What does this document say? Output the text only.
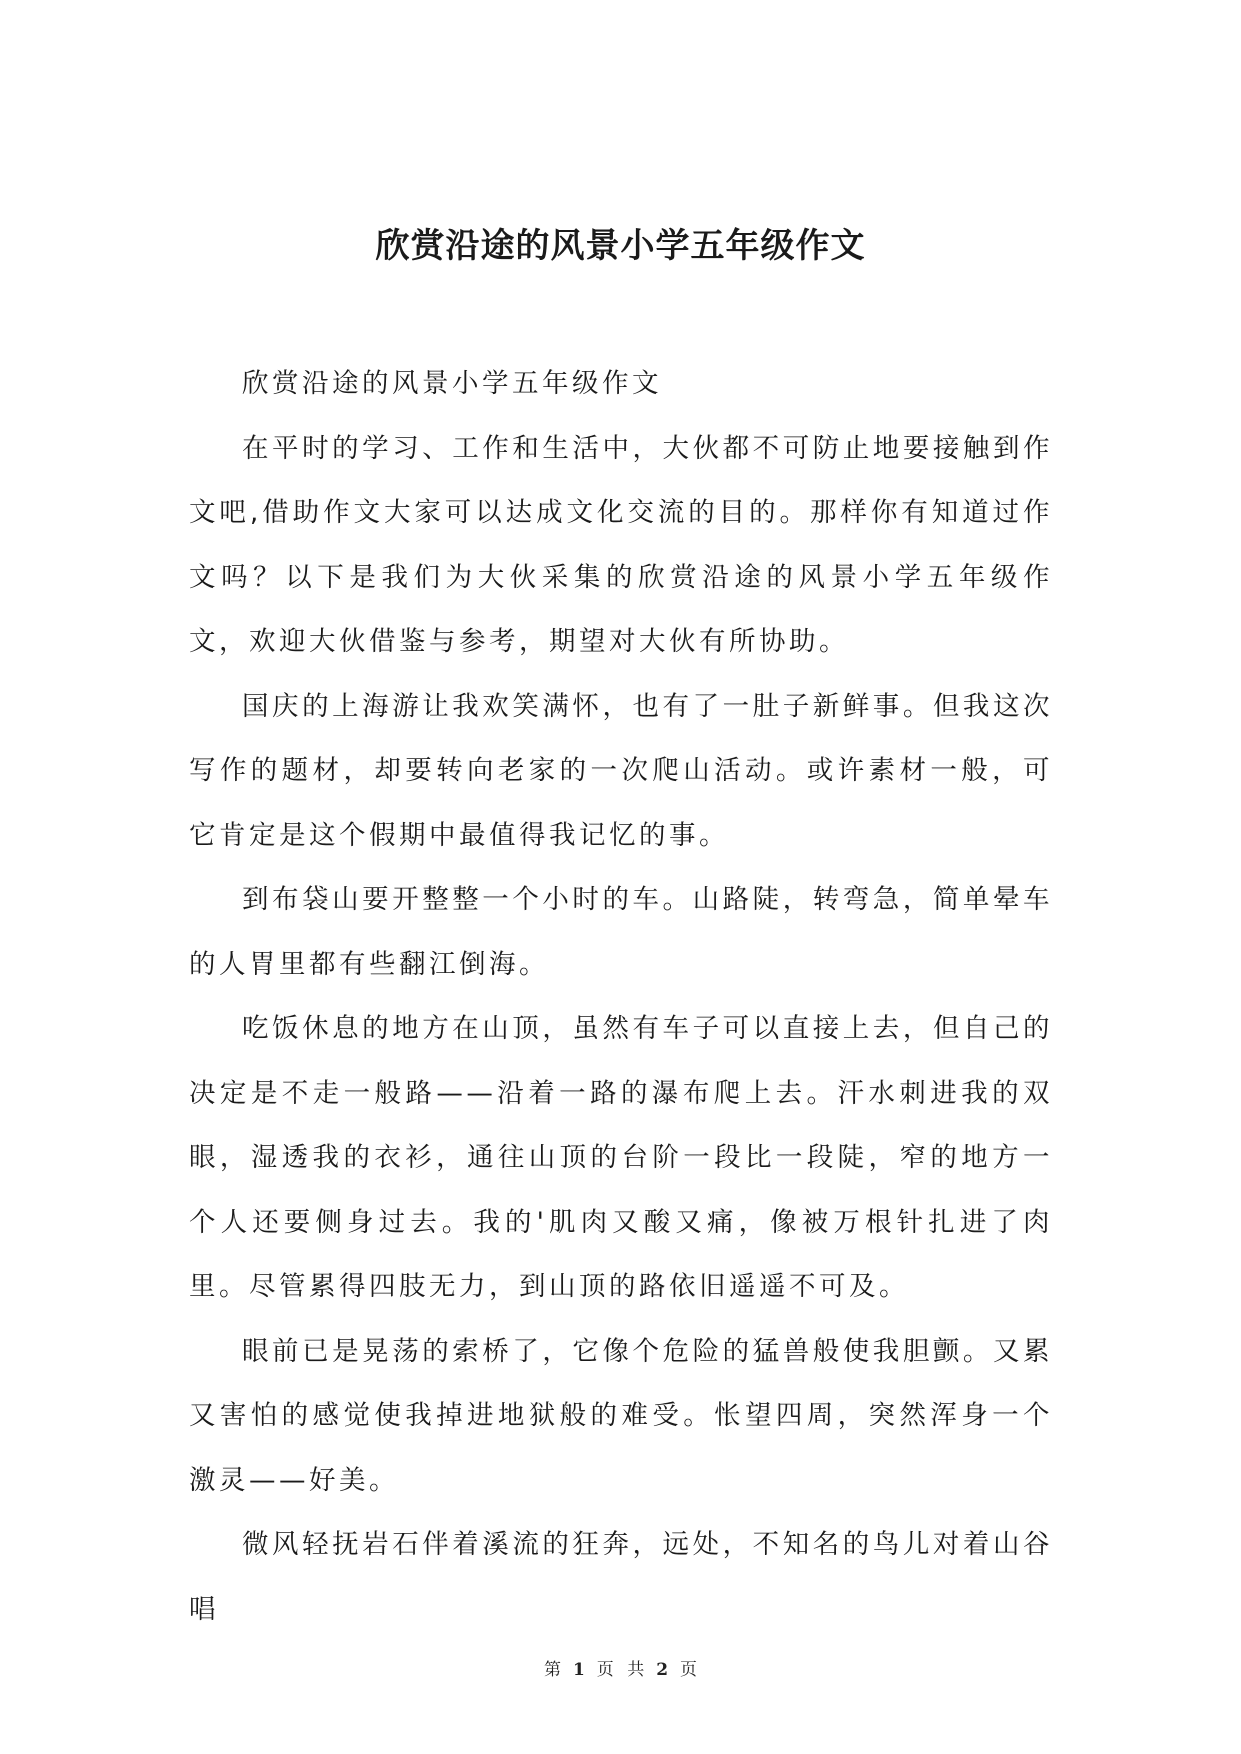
欣赏沿途的风景小学五年级作文

欣赏沿途的风景小学五年级作文

在平时的学习、工作和生活中，大伙都不可防止地要接触到作文吧,借助作文大家可以达成文化交流的目的。那样你有知道过作文吗？以下是我们为大伙采集的欣赏沿途的风景小学五年级作文，欢迎大伙借鉴与参考，期望对大伙有所协助。

国庆的上海游让我欢笑满怀，也有了一肚子新鲜事。但我这次写作的题材，却要转向老家的一次爬山活动。或许素材一般，可它肯定是这个假期中最值得我记忆的事。

到布袋山要开整整一个小时的车。山路陡，转弯急，简单晕车的人胃里都有些翻江倒海。

吃饭休息的地方在山顶，虽然有车子可以直接上去，但自己的决定是不走一般路——沿着一路的瀑布爬上去。汗水刺进我的双眼，湿透我的衣衫，通往山顶的台阶一段比一段陡，窄的地方一个人还要侧身过去。我的'肌肉又酸又痛，像被万根针扎进了肉里。尽管累得四肢无力，到山顶的路依旧遥遥不可及。

眼前已是晃荡的索桥了，它像个危险的猛兽般使我胆颤。又累又害怕的感觉使我掉进地狱般的难受。怅望四周，突然浑身一个激灵——好美。

微风轻抚岩石伴着溪流的狂奔，远处，不知名的鸟儿对着山谷唱

第 1 页 共 2 页
